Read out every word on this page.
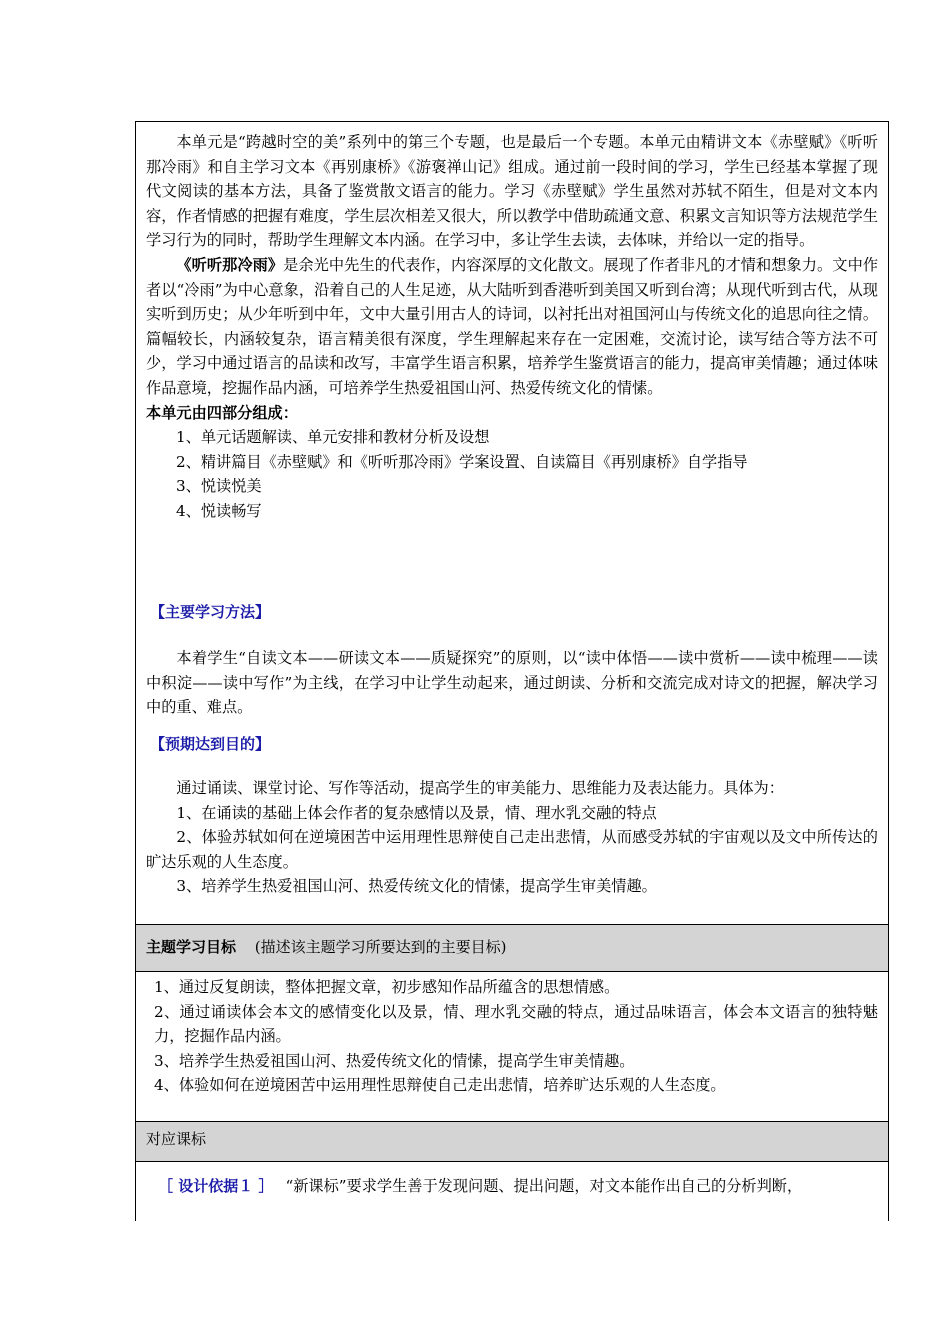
本单元是“跨越时空的美”系列中的第三个专题，也是最后一个专题。本单元由精讲文本《赤壁赋》《听听那冷雨》和自主学习文本《再别康桥》《游褒禅山记》组成。通过前一段时间的学习，学生已经基本掌握了现代文阅读的基本方法，具备了鉴赏散文语言的能力。学习《赤壁赋》学生虽然对苏轼不陌生，但是对文本内容，作者情感的把握有难度，学生层次相差又很大，所以教学中借助疏通文意、积累文言知识等方法规范学生学习行为的同时，帮助学生理解文本内涵。在学习中，多让学生去读，去体味，并给以一定的指导。

《听听那冷雨》是余光中先生的代表作，内容深厚的文化散文。展现了作者非凡的才情和想象力。文中作者以“冷雨”为中心意象，沿着自己的人生足迹，从大陆听到香港听到美国又听到台湾；从现代听到古代，从现实听到历史；从少年听到中年，文中大量引用古人的诗词，以衬托出对祖国河山与传统文化的追思向往之情。篇幅较长，内涵较复杂，语言精美很有深度，学生理解起来存在一定困难，交流讨论，读写结合等方法不可少，学习中通过语言的品读和改写，丰富学生语言积累，培养学生鉴赏语言的能力，提高审美情趣；通过体味作品意境，挖掘作品内涵，可培养学生热爱祖国山河、热爱传统文化的情愫。

本单元由四部分组成：

1、单元话题解读、单元安排和教材分析及设想

2、精讲篇目《赤壁赋》和《听听那冷雨》学案设置、自读篇目《再别康桥》自学指导

3、悦读悦美

4、悦读畅写

【主要学习方法】

本着学生“自读文本——研读文本——质疑探究”的原则，以“读中体悟——读中赏析——读中梳理——读中积淀——读中写作”为主线，在学习中让学生动起来，通过朗读、分析和交流完成对诗文的把握，解决学习中的重、难点。

【预期达到目的】

通过诵读、课堂讨论、写作等活动，提高学生的审美能力、思维能力及表达能力。具体为：

1、在诵读的基础上体会作者的复杂感情以及景，情、理水乳交融的特点

2、体验苏轼如何在逆境困苦中运用理性思辩使自己走出悲情，从而感受苏轼的宇宙观以及文中所传达的旷达乐观的人生态度。

3、培养学生热爱祖国山河、热爱传统文化的情愫，提高学生审美情趣。

主题学习目标 (描述该主题学习所要达到的主要目标)

1、通过反复朗读，整体把握文章，初步感知作品所蕴含的思想情感。

2、通过诵读体会本文的感情变化以及景，情、理水乳交融的特点，通过品味语言，体会本文语言的独特魅力，挖掘作品内涵。

3、培养学生热爱祖国山河、热爱传统文化的情愫，提高学生审美情趣。

4、体验如何在逆境困苦中运用理性思辩使自己走出悲情，培养旷达乐观的人生态度。

对应课标

［ 设计依据１ ］ “新课标”要求学生善于发现问题、提出问题，对文本能作出自己的分析判断，
